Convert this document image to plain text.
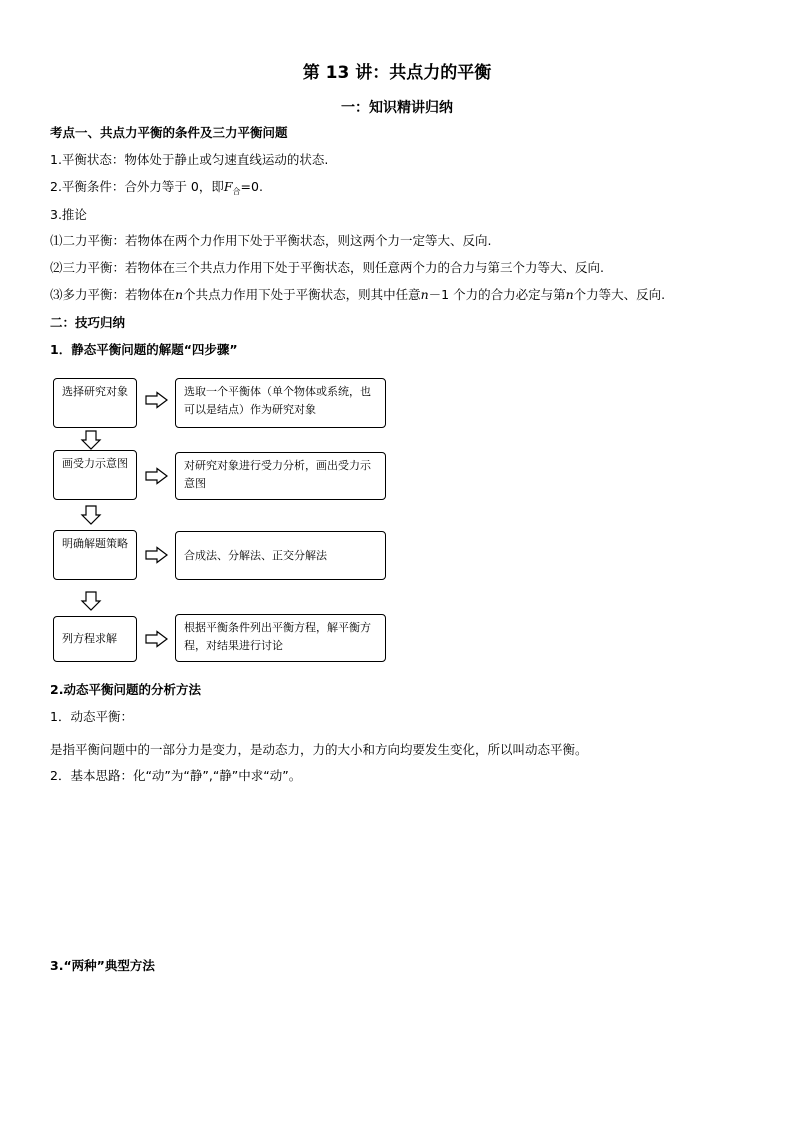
第 13 讲：共点力的平衡
一：知识精讲归纳
考点一、共点力平衡的条件及三力平衡问题
1.平衡状态：物体处于静止或匀速直线运动的状态.
2.平衡条件：合外力等于 0，即$F_合=0$.
3.推论
⑴二力平衡：若物体在两个力作用下处于平衡状态，则这两个力一定等大、反向.
⑵三力平衡：若物体在三个共点力作用下处于平衡状态，则任意两个力的合力与第三个力等大、反向.
⑶多力平衡：若物体在n个共点力作用下处于平衡状态，则其中任意n－1 个力的合力必定与第n个力等大、反向.
二：技巧归纳
1．静态平衡问题的解题“四步骤”
选择研究对象	选取一个平衡体（单个物体或系统，也可以是结点）作为研究对象
画受力示意图	对研究对象进行受力分析，画出受力示意图
明确解题策略
合成法、分解法、正交分解法
列方程求解
根据平衡条件列出平衡方程，解平衡方程，对结果进行讨论
2.动态平衡问题的分析方法
1．动态平衡：
是指平衡问题中的一部分力是变力，是动态力，力的大小和方向均要发生变化，所以叫动态平衡。
2．基本思路：化“动”为“静”,“静”中求“动”。
3.“两种”典型方法
